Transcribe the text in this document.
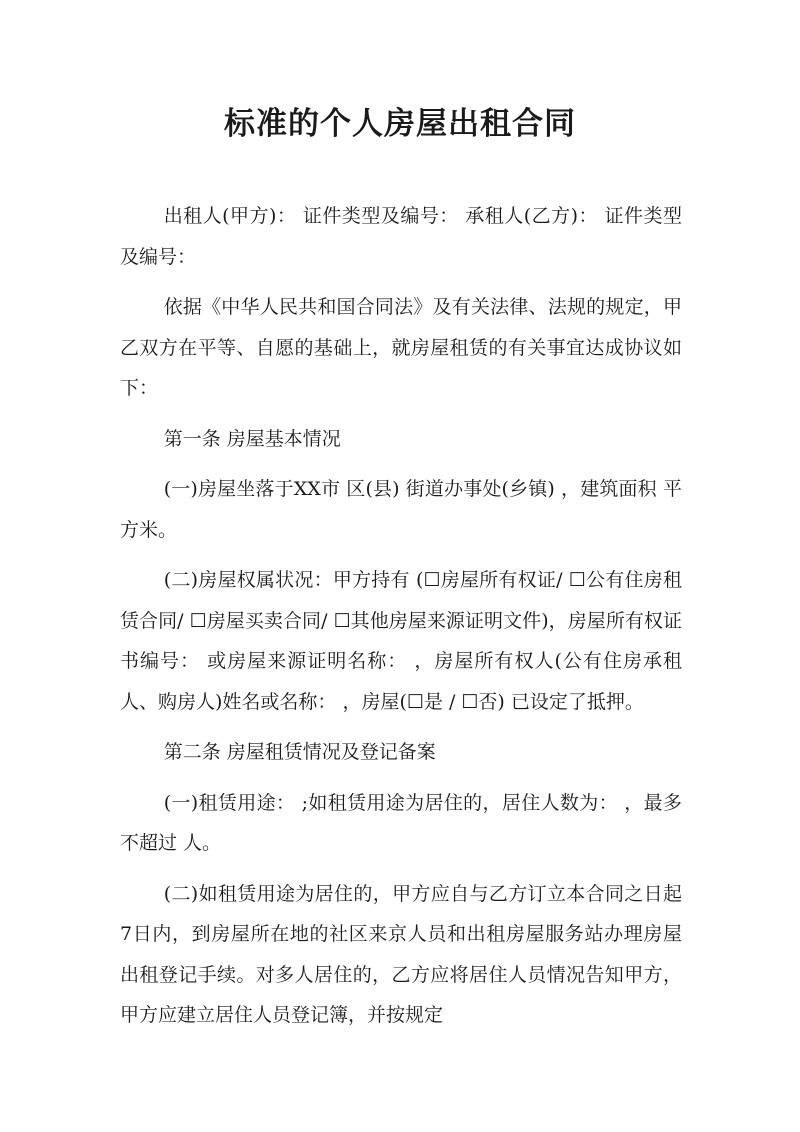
标准的个人房屋出租合同

出租人(甲方)： 证件类型及编号： 承租人(乙方)： 证件类型及编号：

依据《中华人民共和国合同法》及有关法律、法规的规定，甲乙双方在平等、自愿的基础上，就房屋租赁的有关事宜达成协议如下：

第一条 房屋基本情况

(一)房屋坐落于XX市 区(县) 街道办事处(乡镇) ，建筑面积 平方米。

(二)房屋权属状况：甲方持有 (☐房屋所有权证/ ☐公有住房租赁合同/ ☐房屋买卖合同/ ☐其他房屋来源证明文件)，房屋所有权证书编号： 或房屋来源证明名称： ，房屋所有权人(公有住房承租人、购房人)姓名或名称： ，房屋(☐是 / ☐否) 已设定了抵押。

第二条 房屋租赁情况及登记备案

(一)租赁用途： ;如租赁用途为居住的，居住人数为： ，最多不超过 人。

(二)如租赁用途为居住的，甲方应自与乙方订立本合同之日起7日内，到房屋所在地的社区来京人员和出租房屋服务站办理房屋出租登记手续。对多人居住的，乙方应将居住人员情况告知甲方，甲方应建立居住人员登记簿，并按规定
